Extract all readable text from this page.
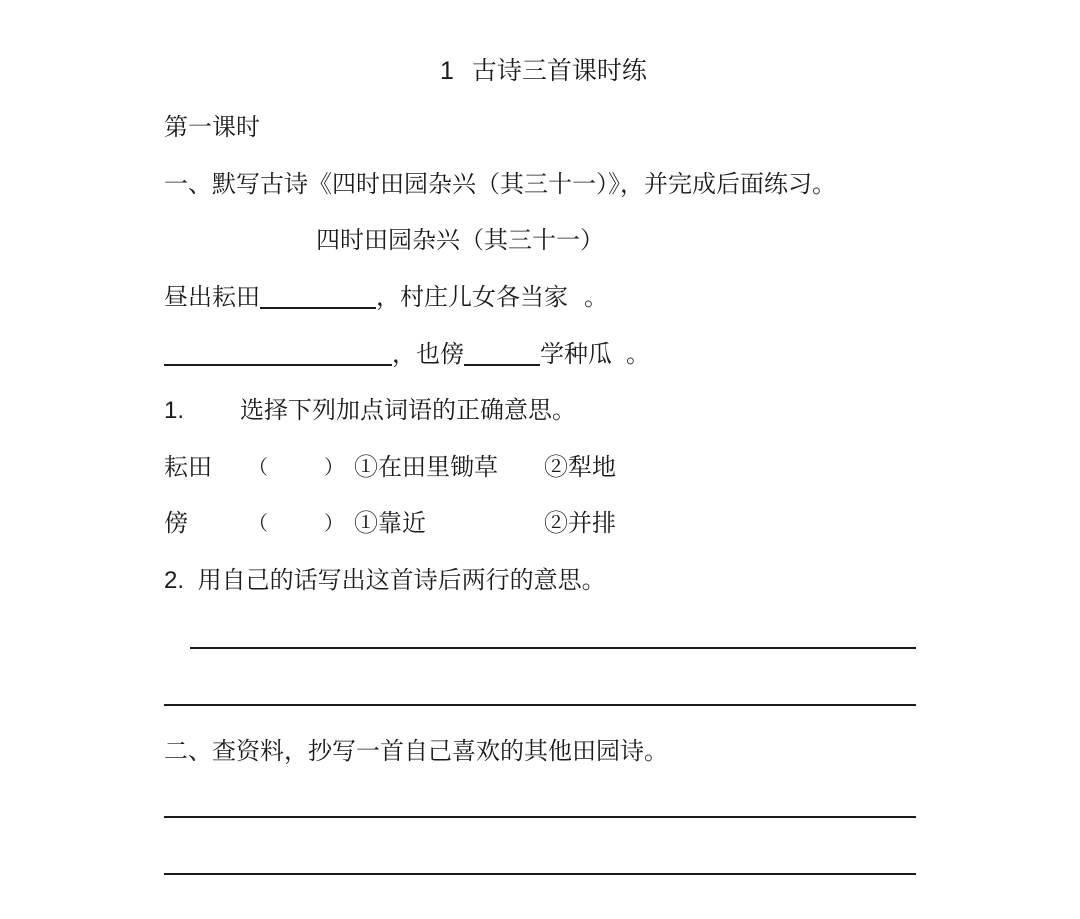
1 古诗三首课时练
第一课时
一、默写古诗《四时田园杂兴（其三十一）》，并完成后面练习。
四时田园杂兴（其三十一）
昼出耘田	，村庄儿女各当家 。
，也傍	学种瓜 。
1. 选择下列加点词语的正确意思。
耘田 （	） ①在田里锄草 ②犁地
傍	（	） ①靠近	②并排
2. 用自己的话写出这首诗后两行的意思。
二、查资料，抄写一首自己喜欢的其他田园诗。
